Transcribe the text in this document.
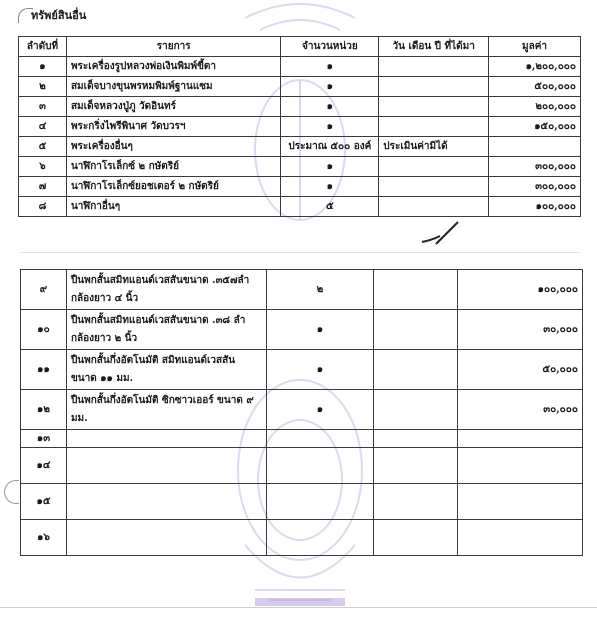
ทรัพย์สินอื่น
ลำดับที่	รายการ	จำนวนหน่วย	วัน เดือน ปี ที่ได้มา	มูลค่า
๑	พระเครื่องรูปหลวงพ่อเงินพิมพ์ขี้ตา	๑		๑,๒๐๐,๐๐๐
๒	สมเด็จบางขุนพรหมพิมพ์ฐานแซม	๑		๕๐๐,๐๐๐
๓	สมเด็จหลวงปู่ภู วัดอินทร์	๑		๒๐๐,๐๐๐
๔	พระกริ่งไพรีพินาศ วัดบวรฯ	๑		๑๕๐,๐๐๐
๕	พระเครื่องอื่นๆ	ประมาณ ๕๐๐ องค์	ประเมินค่ามิได้	
๖	นาฬิกาโรเล็กซ์ ๒ กษัตริย์	๑		๓๐๐,๐๐๐
๗	นาฬิกาโรเล็กซ์ยอชเตอร์ ๒ กษัตริย์	๑		๓๐๐,๐๐๐
๘	นาฬิกาอื่นๆ	๕		๑๐๐,๐๐๐
๙	ปืนพกสั้นสมิทแอนด์เวสสันขนาด .๓๕๗ลำ
กล้องยาว ๔ นิ้ว	๒		๑๐๐,๐๐๐
๑๐	ปืนพกสั้นสมิทแอนด์เวสสันขนาด .๓๘ ลำ
กล้องยาว ๒ นิ้ว	๑		๓๐,๐๐๐
๑๑	ปืนพกสั้นกึ่งอัตโนมัติ สมิทแอนด์เวสสัน
ขนาด ๑๑ มม.	๑		๕๐,๐๐๐
๑๒	ปืนพกสั้นกึ่งอัตโนมัติ ซิกซาวเออร์ ขนาด ๙
มม.	๑		๓๐,๐๐๐
๑๓				
๑๔				
๑๕				
๑๖				
